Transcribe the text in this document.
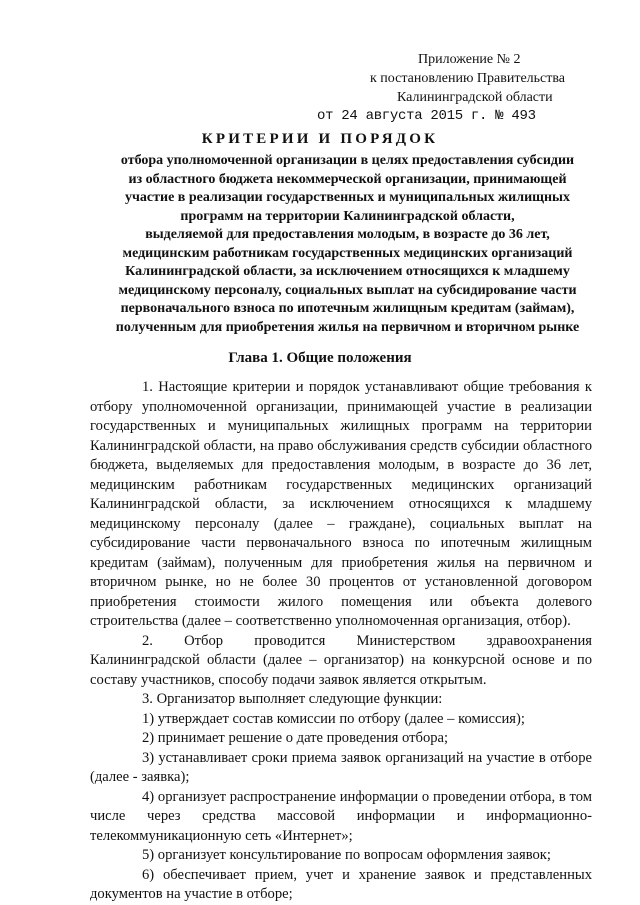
Приложение № 2
к постановлению Правительства
Калининградской области
от 24 августа 2015 г. № 493
КРИТЕРИИ И ПОРЯДОК
отбора уполномоченной организации в целях предоставления субсидии
из областного бюджета некоммерческой организации, принимающей
участие в реализации государственных и муниципальных жилищных
программ на территории Калининградской области,
выделяемой для предоставления молодым, в возрасте до 36 лет,
медицинским работникам государственных медицинских организаций
Калининградской области, за исключением относящихся к младшему
медицинскому персоналу, социальных выплат на субсидирование части
первоначального взноса по ипотечным жилищным кредитам (займам),
полученным для приобретения жилья на первичном и вторичном рынке
Глава 1. Общие положения

1. Настоящие критерии и порядок устанавливают общие требования к отбору уполномоченной организации, принимающей участие в реализации государственных и муниципальных жилищных программ на территории Калининградской области, на право обслуживания средств субсидии областного бюджета, выделяемых для предоставления молодым, в возрасте до 36 лет, медицинским работникам государственных медицинских организаций Калининградской области, за исключением относящихся к младшему медицинскому персоналу (далее – граждане), социальных выплат на субсидирование части первоначального взноса по ипотечным жилищным кредитам (займам), полученным для приобретения жилья на первичном и вторичном рынке, но не более 30 процентов от установленной договором приобретения стоимости жилого помещения или объекта долевого строительства (далее – соответственно уполномоченная организация, отбор).

2. Отбор проводится Министерством здравоохранения Калининградской области (далее – организатор) на конкурсной основе и по составу участников, способу подачи заявок является открытым.

3. Организатор выполняет следующие функции:

1) утверждает состав комиссии по отбору (далее – комиссия);

2) принимает решение о дате проведения отбора;

3) устанавливает сроки приема заявок организаций на участие в отборе (далее - заявка);

4) организует распространение информации о проведении отбора, в том числе через средства массовой информации и информационно-телекоммуникационную сеть «Интернет»;

5) организует консультирование по вопросам оформления заявок;

6) обеспечивает прием, учет и хранение заявок и представленных документов на участие в отборе;
